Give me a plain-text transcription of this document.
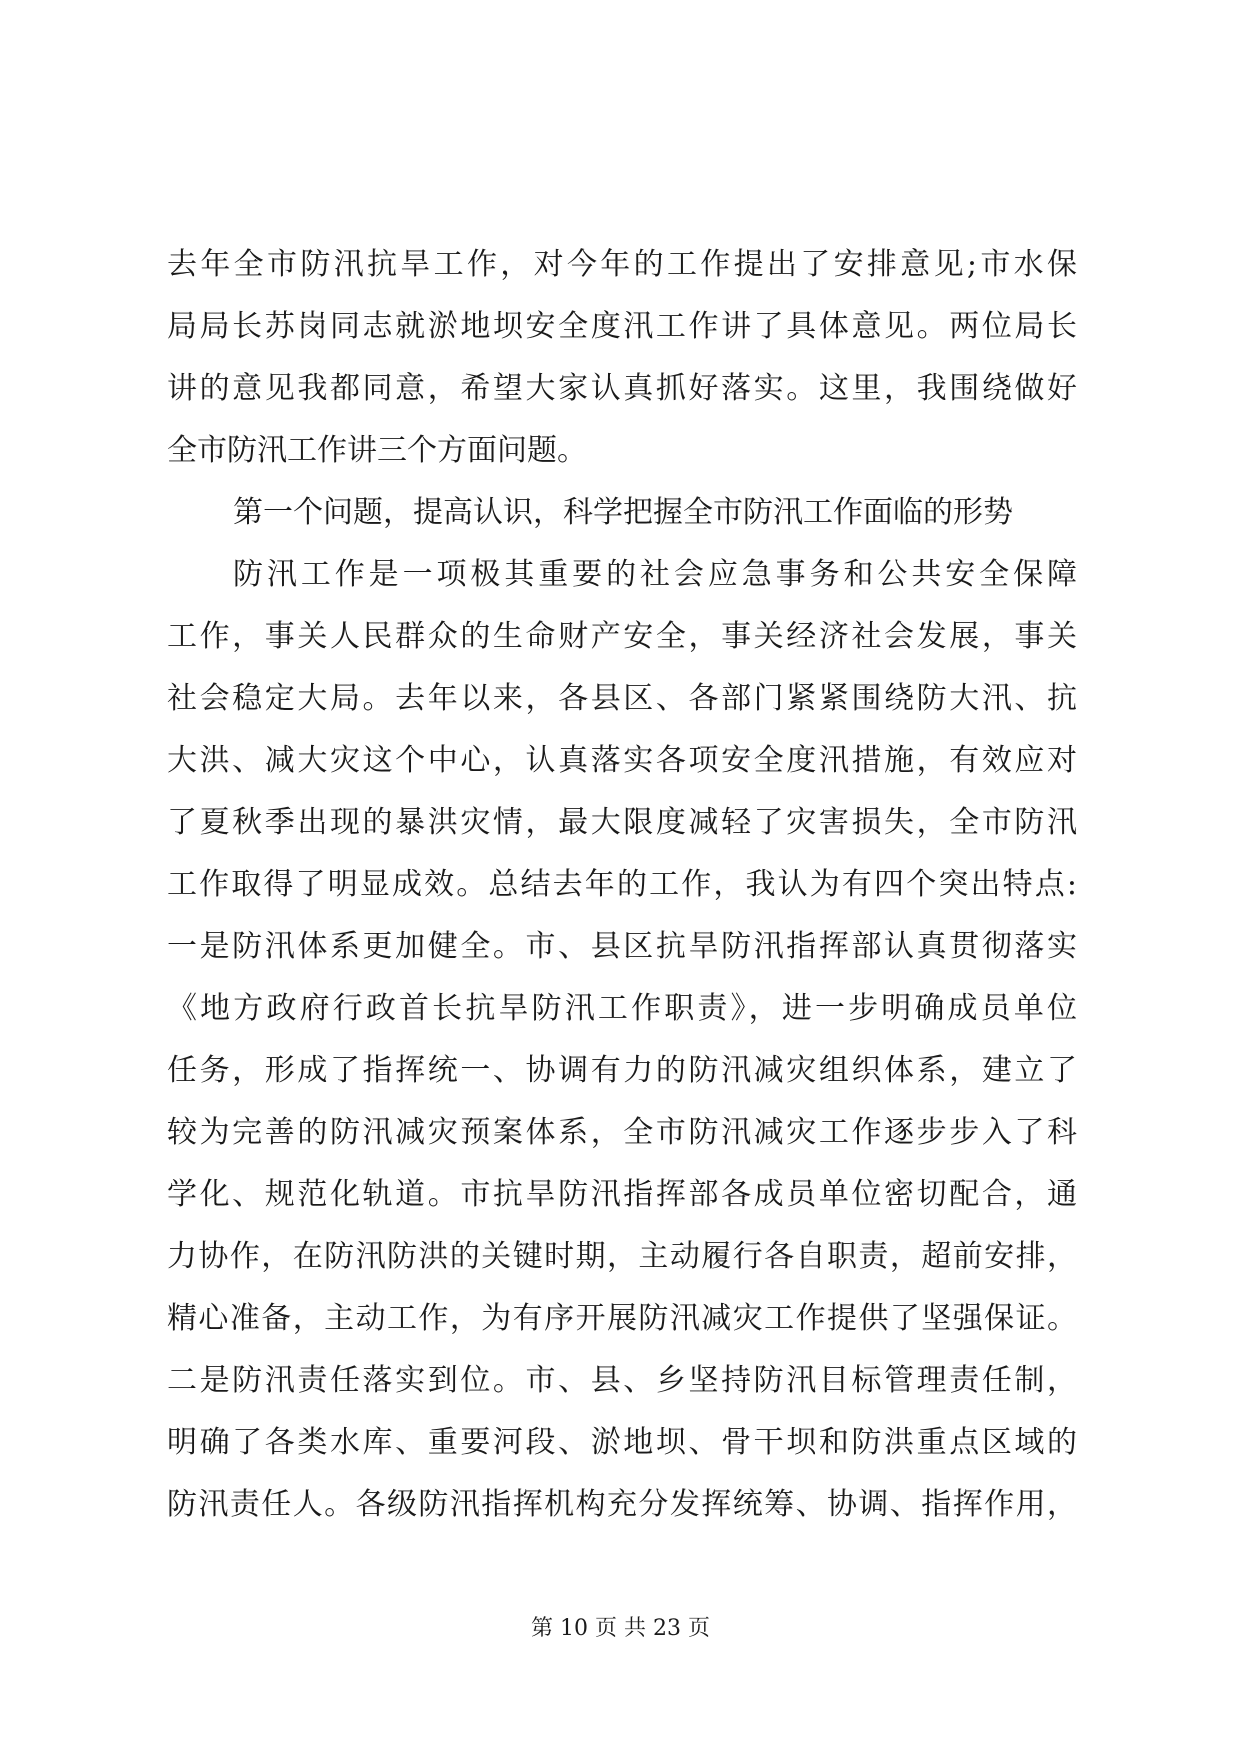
去年全市防汛抗旱工作，对今年的工作提出了安排意见;市水保
局局长苏岗同志就淤地坝安全度汛工作讲了具体意见。两位局长
讲的意见我都同意，希望大家认真抓好落实。这里，我围绕做好
全市防汛工作讲三个方面问题。
第一个问题，提高认识，科学把握全市防汛工作面临的形势
防汛工作是一项极其重要的社会应急事务和公共安全保障
工作，事关人民群众的生命财产安全，事关经济社会发展，事关
社会稳定大局。去年以来，各县区、各部门紧紧围绕防大汛、抗
大洪、减大灾这个中心，认真落实各项安全度汛措施，有效应对
了夏秋季出现的暴洪灾情，最大限度减轻了灾害损失，全市防汛
工作取得了明显成效。总结去年的工作，我认为有四个突出特点:
一是防汛体系更加健全。市、县区抗旱防汛指挥部认真贯彻落实
《地方政府行政首长抗旱防汛工作职责》，进一步明确成员单位
任务，形成了指挥统一、协调有力的防汛减灾组织体系，建立了
较为完善的防汛减灾预案体系，全市防汛减灾工作逐步步入了科
学化、规范化轨道。市抗旱防汛指挥部各成员单位密切配合，通
力协作，在防汛防洪的关键时期，主动履行各自职责，超前安排，
精心准备，主动工作，为有序开展防汛减灾工作提供了坚强保证。
二是防汛责任落实到位。市、县、乡坚持防汛目标管理责任制，
明确了各类水库、重要河段、淤地坝、骨干坝和防洪重点区域的
防汛责任人。各级防汛指挥机构充分发挥统筹、协调、指挥作用，
第 10 页 共 23 页
